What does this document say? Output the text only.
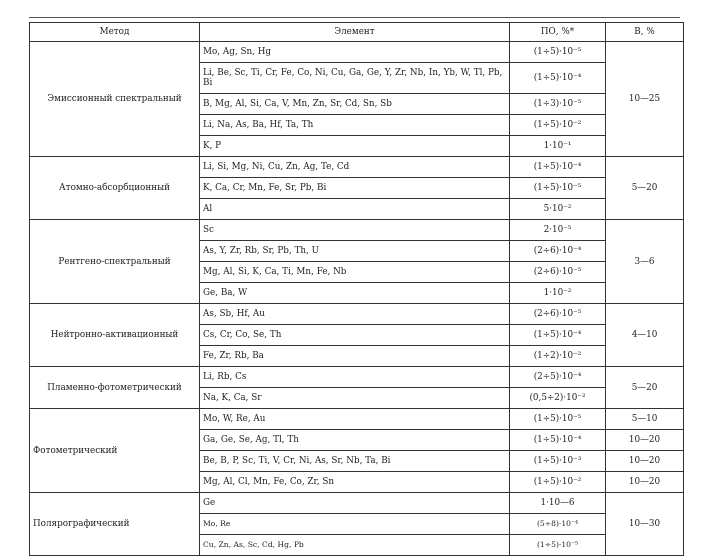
Метод	Элемент	ПО, %*	В, %
Эмиссионный спектральный	Mo, Ag, Sn, Hg	(1÷5)·10⁻⁵	10—25
	Li, Be, Sc, Ti, Cr, Fe, Co, Ni, Cu, Ga, Ge, Y, Zr, Nb, In, Yb, W, Tl, Pb, Bi	(1÷5)·10⁻⁴	
	B, Mg, Al, Si, Ca, V, Mn, Zn, Sr, Cd, Sn, Sb	(1÷3)·10⁻⁵	
	Li, Na, As, Ba, Hf, Ta, Th	(1÷5)·10⁻²	
	K, P	1·10⁻¹	
Атомно-абсорбционный	Li, Si, Mg, Ni, Cu, Zn, Ag, Te, Cd	(1÷5)·10⁻⁴	5—20
	K, Ca, Cr, Mn, Fe, Sr, Pb, Bi	(1÷5)·10⁻⁵	
	Al	5·10⁻²	
Рентгено-спектральный	Sc	2·10⁻⁵	3—6
	As, Y, Zr, Rb, Sr, Pb, Th, U	(2÷6)·10⁻⁴	
	Mg, Al, Si, K, Ca, Ti, Mn, Fe, Nb	(2÷6)·10⁻⁵	
	Ge, Ba, W	1·10⁻²	
Нейтронно-активационный	As, Sb, Hf, Au	(2÷6)·10⁻⁵	4—10
	Cs, Cr, Co, Se, Th	(1÷5)·10⁻⁴	
	Fe, Zr, Rb, Ba	(1÷2)·10⁻²	
Пламенно-фотометрический	Li, Rb, Cs	(2÷5)·10⁻⁴	5—20
	Na, K, Ca, Sr	(0,5÷2)·10⁻²	
Фотометрический	Mo, W, Re, Au	(1÷5)·10⁻⁵	5—10
	Ga, Ge, Se, Ag, Tl, Th	(1÷5)·10⁻⁴	10—20
	Be, B, P, Sc, Ti, V, Cr, Ni, As, Sr, Nb, Ta, Bi	(1÷5)·10⁻³	10—20
	Mg, Al, Cl, Mn, Fe, Co, Zr, Sn	(1÷5)·10⁻²	10—20
Полярографический	Ge	1·10—6	10—30
	Mo, Re	(5÷8)·10⁻⁴	
	Cu, Zn, As, Sc, Cd, Hg, Pb	(1÷5)·10⁻⁵	
